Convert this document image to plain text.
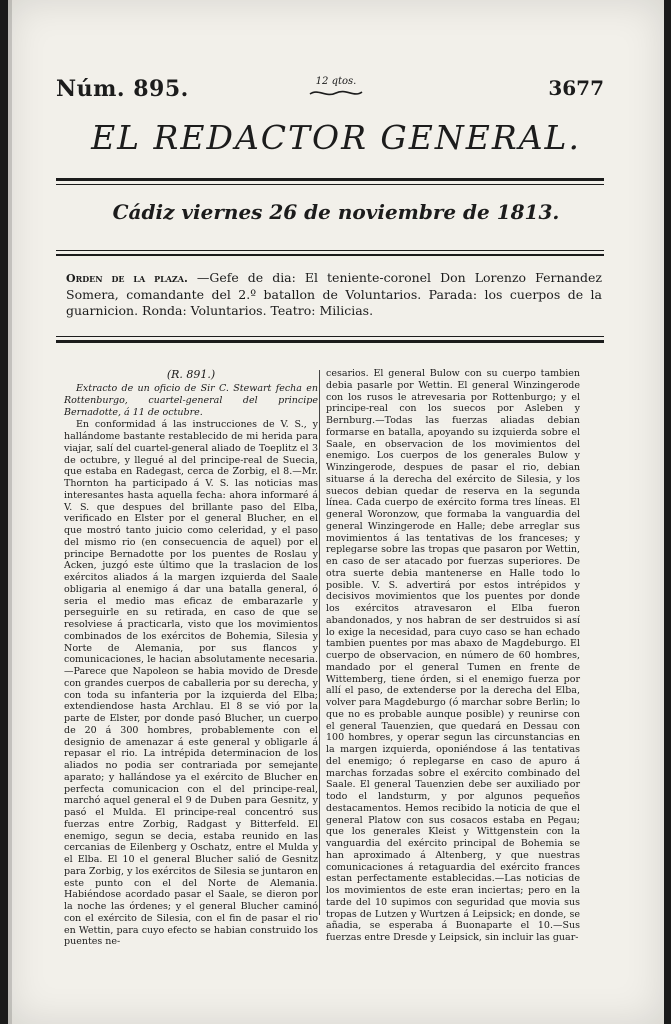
Núm. 895.	12 qtos.	3677
EL REDACTOR GENERAL.
Cádiz viernes 26 de noviembre de 1813.
Orden de la plaza. —Gefe de dia: El teniente-coronel Don Lorenzo Fernandez Somera, comandante del 2.º batallon de Voluntarios. Parada: los cuerpos de la guarnicion. Ronda: Voluntarios. Teatro: Milicias.
(R. 891.)
Extracto de un oficio de Sir C. Stewart fecha en Rottenburgo, cuartel-general del principe Bernadotte, á 11 de octubre.

En conformidad á las instrucciones de V. S., y hallándome bastante restablecido de mi herida para viajar, salí del cuartel-general aliado de Toeplitz el 3 de octubre, y llegué al del principe-real de Suecia, que estaba en Radegast, cerca de Zorbig, el 8.—Mr. Thornton ha participado á V. S. las noticias mas interesantes hasta aquella fecha: ahora informaré á V. S. que despues del brillante paso del Elba, verificado en Elster por el general Blucher, en el que mostró tanto juicio como celeridad, y el paso del mismo rio (en consecuencia de aquel) por el principe Bernadotte por los puentes de Roslau y Acken, juzgó este último que la traslacion de los exércitos aliados á la margen izquierda del Saale obligaria al enemigo á dar una batalla general, ó seria el medio mas eficaz de embarazarle y perseguirle en su retirada, en caso de que se resolviese á practicarla, visto que los movimientos combinados de los exércitos de Bohemia, Silesia y Norte de Alemania, por sus flancos y comunicaciones, le hacian absolutamente necesaria.—Parece que Napoleon se habia movido de Dresde con grandes cuerpos de caballeria por su derecha, y con toda su infanteria por la izquierda del Elba; extendiendose hasta Archlau. El 8 se vió por la parte de Elster, por donde pasó Blucher, un cuerpo de 20 á 300 hombres, probablemente con el designio de amenazar á este general y obligarle á repasar el rio. La intrépida determinacion de los aliados no podia ser contrariada por semejante aparato; y hallándose ya el exército de Blucher en perfecta comunicacion con el del principe-real, marchó aquel general el 9 de Duben para Gesnitz, y pasó el Mulda. El principe-real concentró sus fuerzas entre Zorbig, Radgast y Bitterfeld. El enemigo, segun se decia, estaba reunido en las cercanias de Eilenberg y Oschatz, entre el Mulda y el Elba. El 10 el general Blucher salió de Gesnitz para Zorbig, y los exércitos de Silesia se juntaron en este punto con el del Norte de Alemania. Habiéndose acordado pasar el Saale, se dieron por la noche las órdenes; y el general Blucher caminó con el exército de Silesia, con el fin de pasar el rio en Wettin, para cuyo efecto se habian construido los puentes ne-

cesarios. El general Bulow con su cuerpo tambien debia pasarle por Wettin. El general Winzingerode con los rusos le atrevesaria por Rottenburgo; y el principe-real con los suecos por Asleben y Bernburg.—Todas las fuerzas aliadas debian formarse en batalla, apoyando su izquierda sobre el Saale, en observacion de los movimientos del enemigo. Los cuerpos de los generales Bulow y Winzingerode, despues de pasar el rio, debian situarse á la derecha del exército de Silesia, y los suecos debian quedar de reserva en la segunda línea. Cada cuerpo de exército forma tres líneas. El general Woronzow, que formaba la vanguardia del general Winzingerode en Halle; debe arreglar sus movimientos á las tentativas de los franceses; y replegarse sobre las tropas que pasaron por Wettin, en caso de ser atacado por fuerzas superiores. De otra suerte debia mantenerse en Halle todo lo posible. V. S. advertirá por estos intrépidos y decisivos movimientos que los puentes por donde los exércitos atravesaron el Elba fueron abandonados, y nos habran de ser destruidos si así lo exige la necesidad, para cuyo caso se han echado tambien puentes por mas abaxo de Magdeburgo. El cuerpo de observacion, en número de 60 hombres, mandado por el general Tumen en frente de Wittemberg, tiene órden, si el enemigo fuerza por allí el paso, de extenderse por la derecha del Elba, volver para Magdeburgo (ó marchar sobre Berlin; lo que no es probable aunque posible) y reunirse con el general Tauenzien, que quedará en Dessau con 100 hombres, y operar segun las circunstancias en la margen izquierda, oponiéndose á las tentativas del enemigo; ó replegarse en caso de apuro á marchas forzadas sobre el exército combinado del Saale. El general Tauenzien debe ser auxiliado por todo el landsturm, y por algunos pequeños destacamentos. Hemos recibido la noticia de que el general Platow con sus cosacos estaba en Pegau; que los generales Kleist y Wittgenstein con la vanguardia del exército principal de Bohemia se han aproximado á Altenberg, y que nuestras comunicaciones á retaguardia del exército frances estan perfectamente establecidas.—Las noticias de los movimientos de este eran inciertas; pero en la tarde del 10 supimos con seguridad que movia sus tropas de Lutzen y Wurtzen á Leipsick; en donde, se añadia, se esperaba á Buonaparte el 10.—Sus fuerzas entre Dresde y Leipsick, sin incluir las guar-
